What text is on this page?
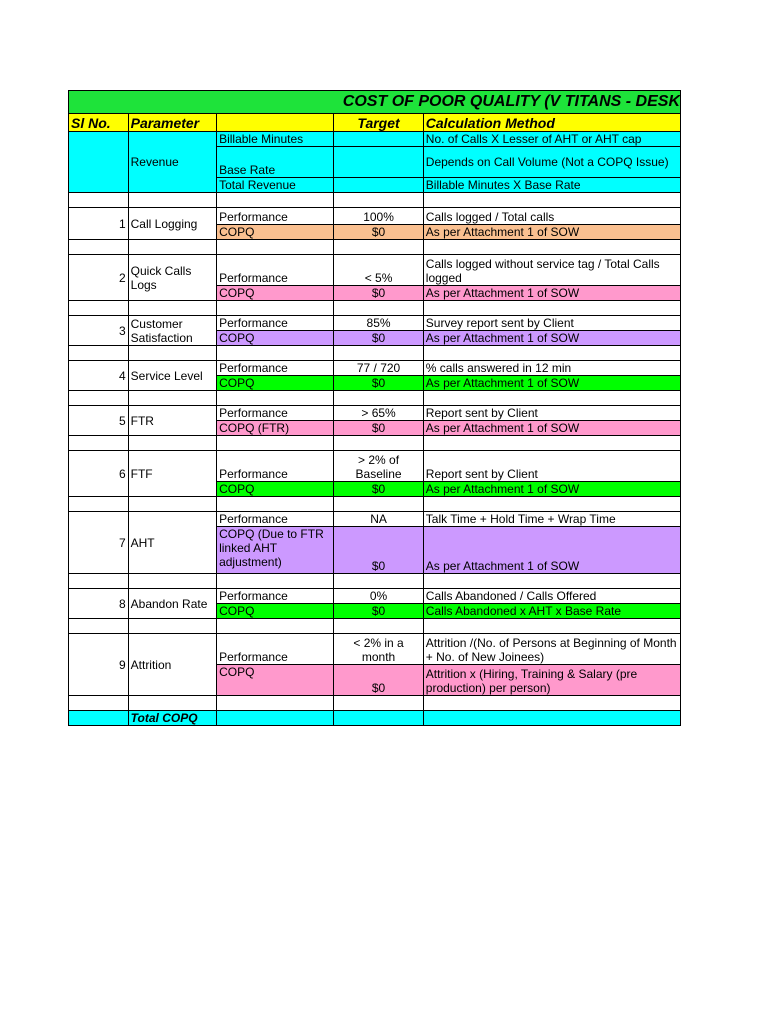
COST OF POOR QUALITY (V TITANS - DESK				
Sl No.	Parameter		Target	Calculation Method
	Revenue	Billable Minutes		No. of Calls X Lesser of AHT or AHT cap
		Base Rate		Depends on Call Volume (Not a COPQ Issue)
		Total Revenue		Billable Minutes X Base Rate

1	Call Logging	Performance	100%	Calls logged / Total calls
		COPQ	$0	As per Attachment 1 of SOW

2	Quick Calls Logs	Performance	< 5%	Calls logged without service tag / Total Calls logged
		COPQ	$0	As per Attachment 1 of SOW

3	Customer Satisfaction	Performance	85%	Survey report sent by Client
		COPQ	$0	As per Attachment 1 of SOW

4	Service Level	Performance	77 / 720	% calls answered in 12 min
		COPQ	$0	As per Attachment 1 of SOW

5	FTR	Performance	> 65%	Report sent by Client
		COPQ (FTR)	$0	As per Attachment 1 of SOW

6	FTF	Performance	> 2% of Baseline	Report sent by Client
		COPQ	$0	As per Attachment 1 of SOW

7	AHT	Performance	NA	Talk Time + Hold Time + Wrap Time
		COPQ (Due to FTR linked AHT adjustment)	$0	As per Attachment 1 of SOW

8	Abandon Rate	Performance	0%	Calls Abandoned / Calls Offered
		COPQ	$0	Calls Abandoned x AHT x Base Rate

9	Attrition	Performance	< 2% in a month	Attrition /(No. of Persons at Beginning of Month + No. of New Joinees)
		COPQ	$0	Attrition x (Hiring, Training & Salary (pre production) per person)

	Total COPQ			
